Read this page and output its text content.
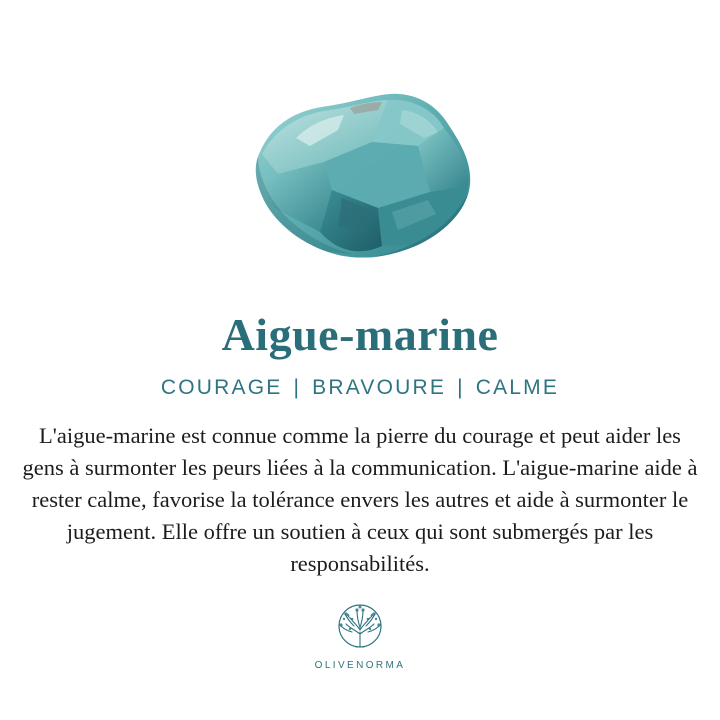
Aigue-marine
COURAGE | BRAVOURE | CALME
L'aigue-marine est connue comme la pierre du courage et peut aider les gens à surmonter les peurs liées à la communication. L'aigue-marine aide à rester calme, favorise la tolérance envers les autres et aide à surmonter le jugement. Elle offre un soutien à ceux qui sont submergés par les responsabilités.
OLIVENORMA
